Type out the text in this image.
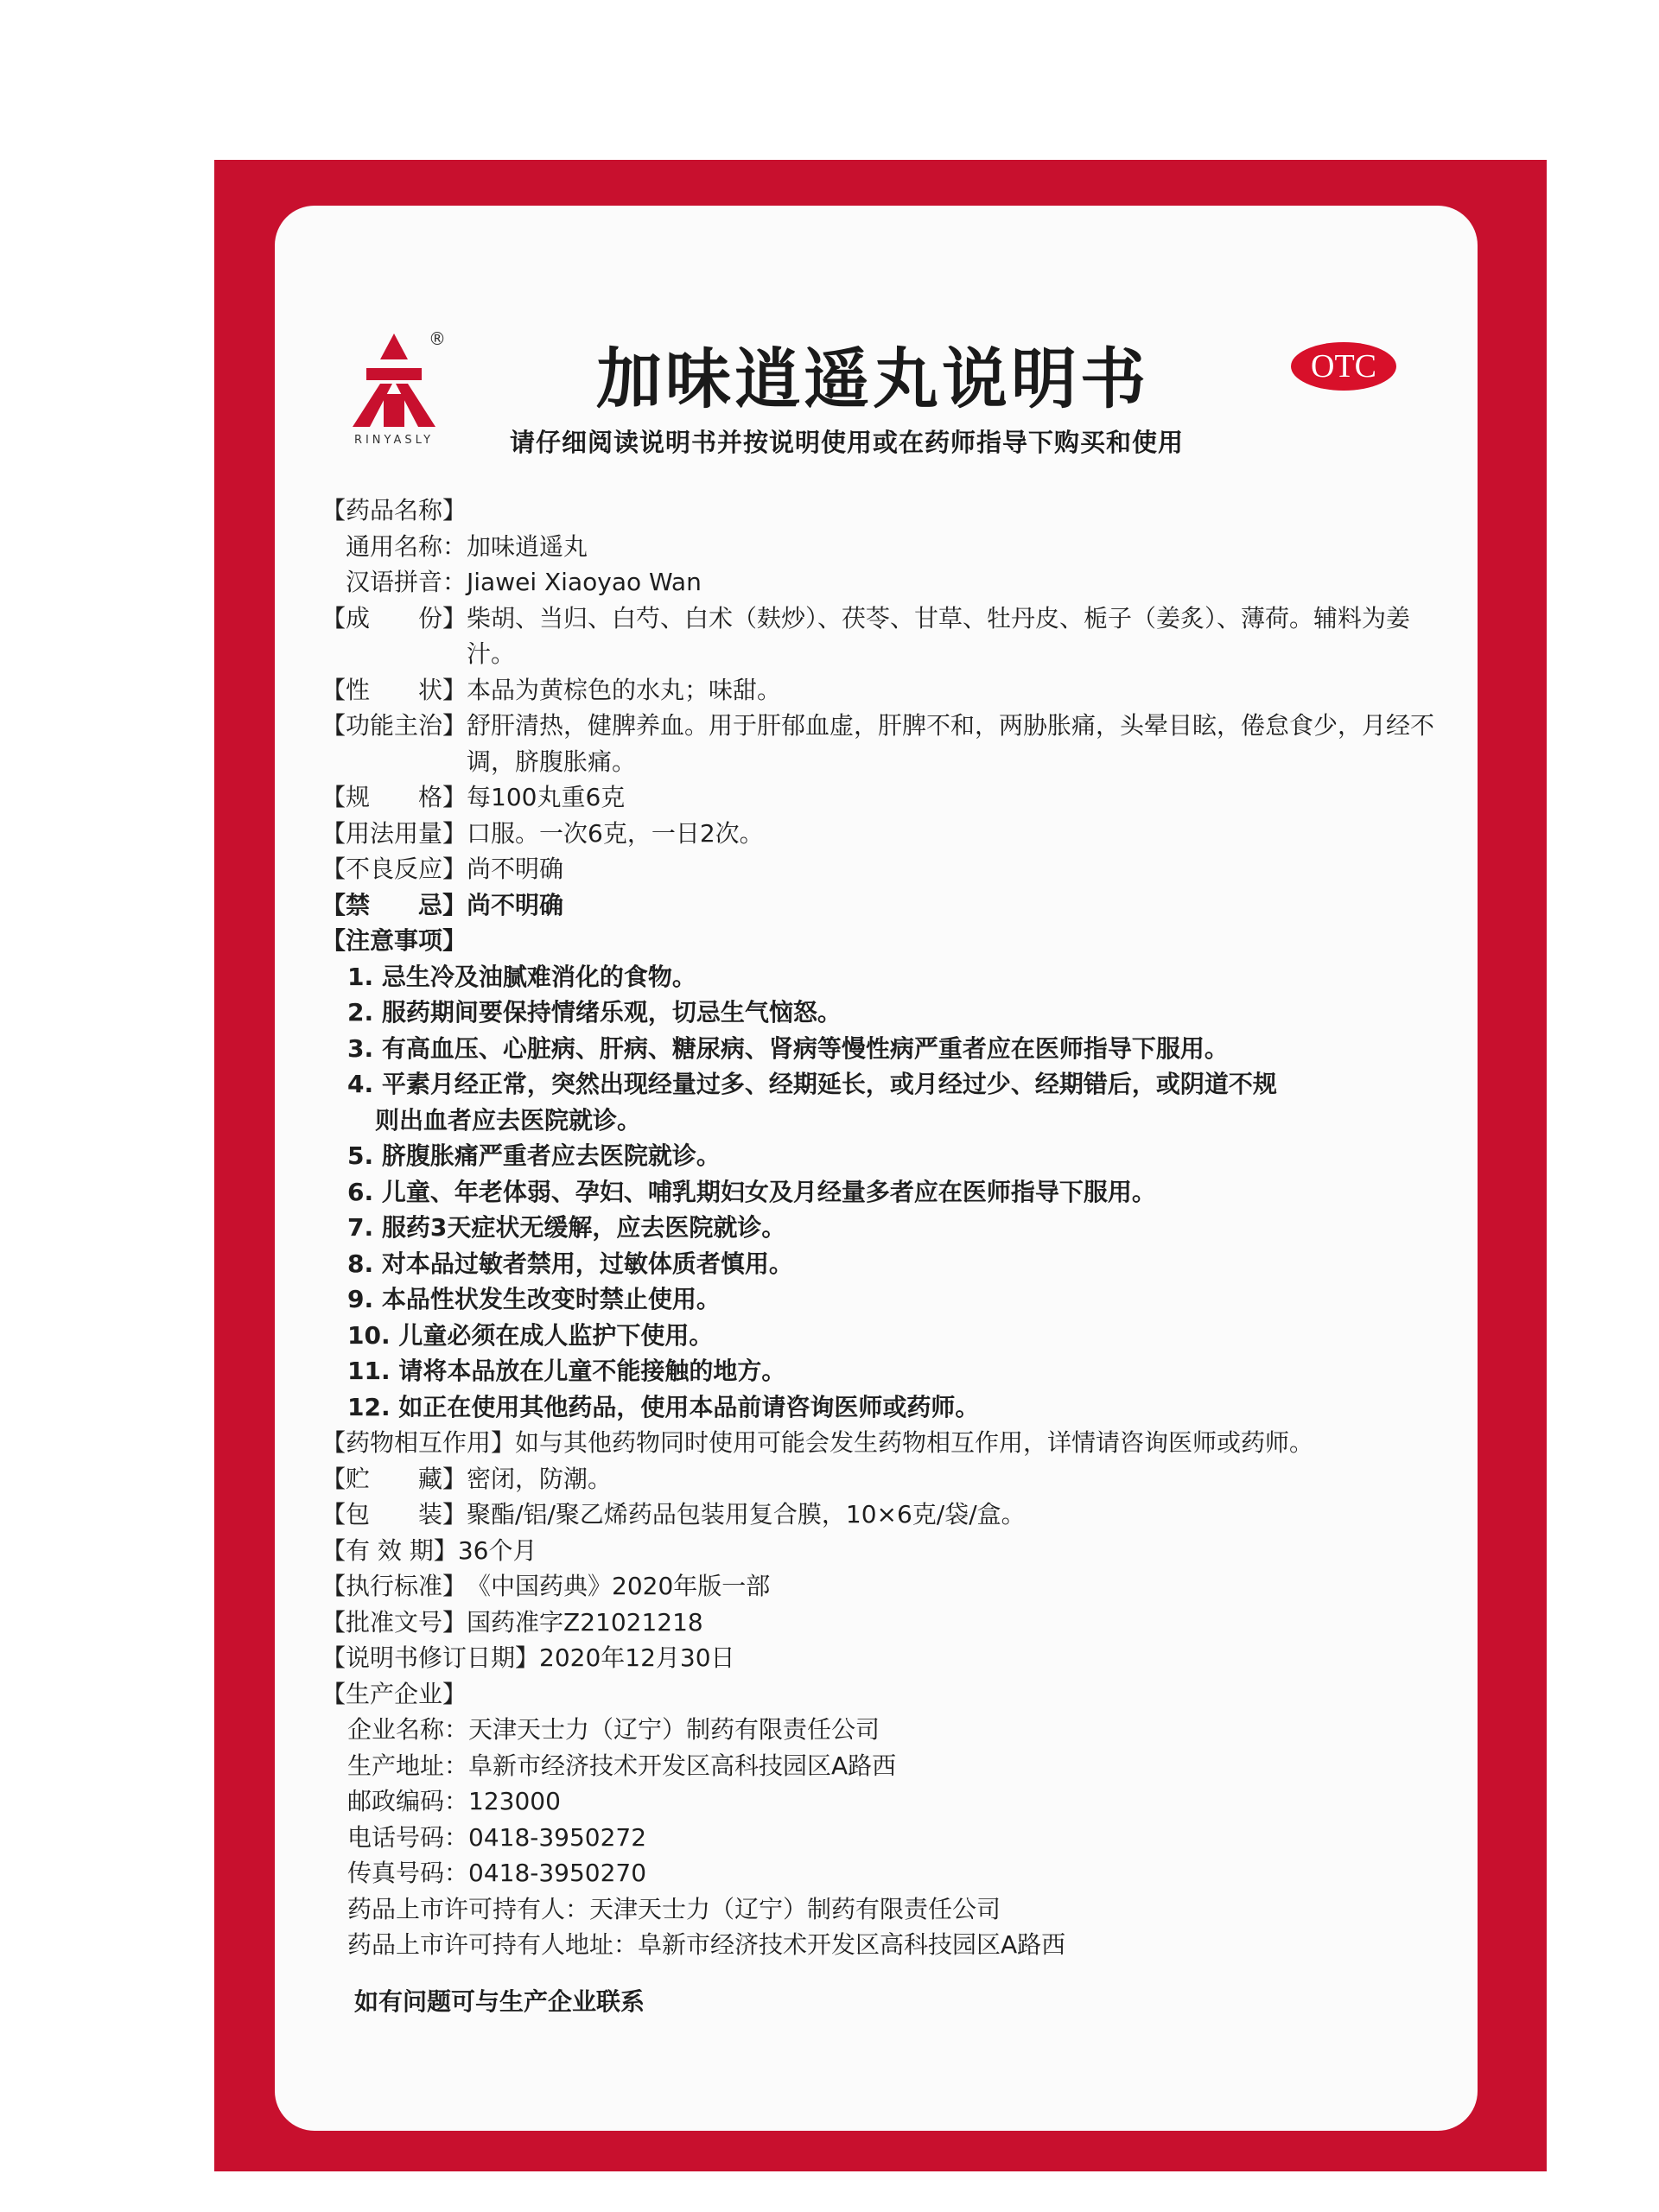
®
RINYASLY
加味逍遥丸说明书	OTC
请仔细阅读说明书并按说明使用或在药师指导下购买和使用
【药品名称】
通用名称：加味逍遥丸
汉语拼音：Jiawei Xiaoyao Wan
【成　　份】 柴胡、当归、白芍、白术（麸炒）、茯苓、甘草、牡丹皮、栀子（姜炙）、薄荷。辅料为姜汁。
【性　　状】 本品为黄棕色的水丸；味甜。
【功能主治】 舒肝清热，健脾养血。用于肝郁血虚，肝脾不和，两胁胀痛，头晕目眩，倦怠食少，月经不调，脐腹胀痛。
【规　　格】 每100丸重6克
【用法用量】 口服。一次6克，一日2次。
【不良反应】 尚不明确
【禁　　忌】 尚不明确
【注意事项】
1. 忌生冷及油腻难消化的食物。
2. 服药期间要保持情绪乐观，切忌生气恼怒。
3. 有高血压、心脏病、肝病、糖尿病、肾病等慢性病严重者应在医师指导下服用。
4. 平素月经正常，突然出现经量过多、经期延长，或月经过少、经期错后，或阴道不规
则出血者应去医院就诊。
5. 脐腹胀痛严重者应去医院就诊。
6. 儿童、年老体弱、孕妇、哺乳期妇女及月经量多者应在医师指导下服用。
7. 服药3天症状无缓解，应去医院就诊。
8. 对本品过敏者禁用，过敏体质者慎用。
9. 本品性状发生改变时禁止使用。
10. 儿童必须在成人监护下使用。
11. 请将本品放在儿童不能接触的地方。
12. 如正在使用其他药品，使用本品前请咨询医师或药师。
【药物相互作用】 如与其他药物同时使用可能会发生药物相互作用，详情请咨询医师或药师。
【贮　　藏】 密闭，防潮。
【包　　装】 聚酯/铝/聚乙烯药品包装用复合膜，10×6克/袋/盒。
【有 效 期】 36个月
【执行标准】 《中国药典》2020年版一部
【批准文号】 国药准字Z21021218
【说明书修订日期】 2020年12月30日
【生产企业】
企业名称：天津天士力（辽宁）制药有限责任公司
生产地址：阜新市经济技术开发区高科技园区A路西
邮政编码：123000
电话号码：0418-3950272
传真号码：0418-3950270
药品上市许可持有人：天津天士力（辽宁）制药有限责任公司
药品上市许可持有人地址：阜新市经济技术开发区高科技园区A路西
如有问题可与生产企业联系
